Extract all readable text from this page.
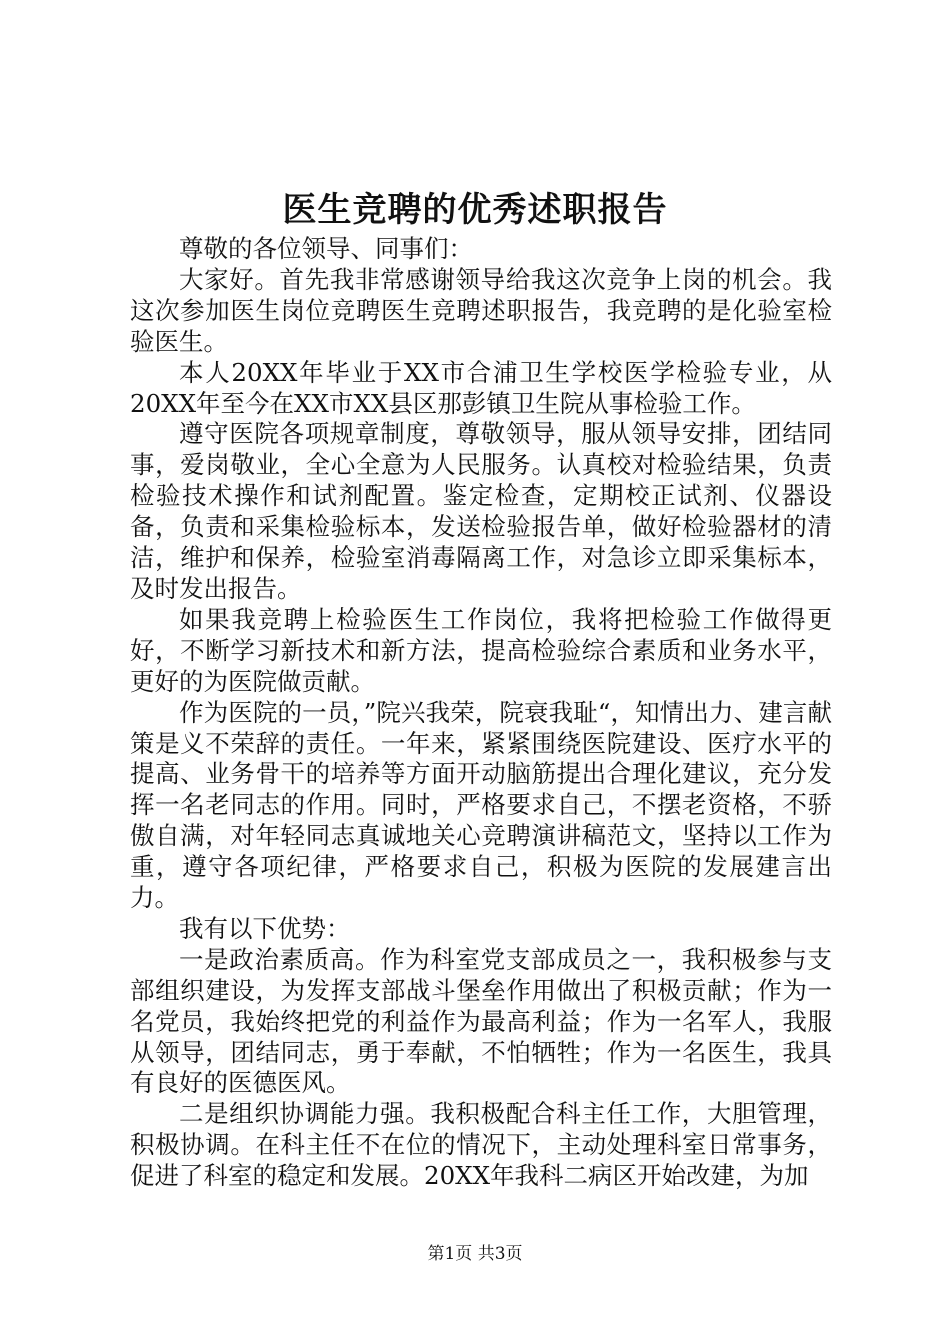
医生竞聘的优秀述职报告

尊敬的各位领导、同事们：

大家好。首先我非常感谢领导给我这次竞争上岗的机会。我这次参加医生岗位竞聘医生竞聘述职报告，我竞聘的是化验室检验医生。

本人20XX年毕业于XX市合浦卫生学校医学检验专业，从20XX年至今在XX市XX县区那彭镇卫生院从事检验工作。

遵守医院各项规章制度，尊敬领导，服从领导安排，团结同事，爱岗敬业，全心全意为人民服务。认真校对检验结果，负责检验技术操作和试剂配置。鉴定检查，定期校正试剂、仪器设备，负责和采集检验标本，发送检验报告单，做好检验器材的清洁，维护和保养，检验室消毒隔离工作，对急诊立即采集标本，及时发出报告。

如果我竞聘上检验医生工作岗位，我将把检验工作做得更好，不断学习新技术和新方法，提高检验综合素质和业务水平，更好的为医院做贡献。

作为医院的一员，”院兴我荣，院衰我耻“，知情出力、建言献策是义不荣辞的责任。一年来，紧紧围绕医院建设、医疗水平的提高、业务骨干的培养等方面开动脑筋提出合理化建议，充分发挥一名老同志的作用。同时，严格要求自己，不摆老资格，不骄傲自满，对年轻同志真诚地关心竞聘演讲稿范文，坚持以工作为重，遵守各项纪律，严格要求自己，积极为医院的发展建言出力。

我有以下优势：

一是政治素质高。作为科室党支部成员之一，我积极参与支部组织建设，为发挥支部战斗堡垒作用做出了积极贡献；作为一名党员，我始终把党的利益作为最高利益；作为一名军人，我服从领导，团结同志，勇于奉献，不怕牺牲；作为一名医生，我具有良好的医德医风。

二是组织协调能力强。我积极配合科主任工作，大胆管理，积极协调。在科主任不在位的情况下，主动处理科室日常事务，促进了科室的稳定和发展。20XX年我科二病区开始改建，为加

第1页 共3页
